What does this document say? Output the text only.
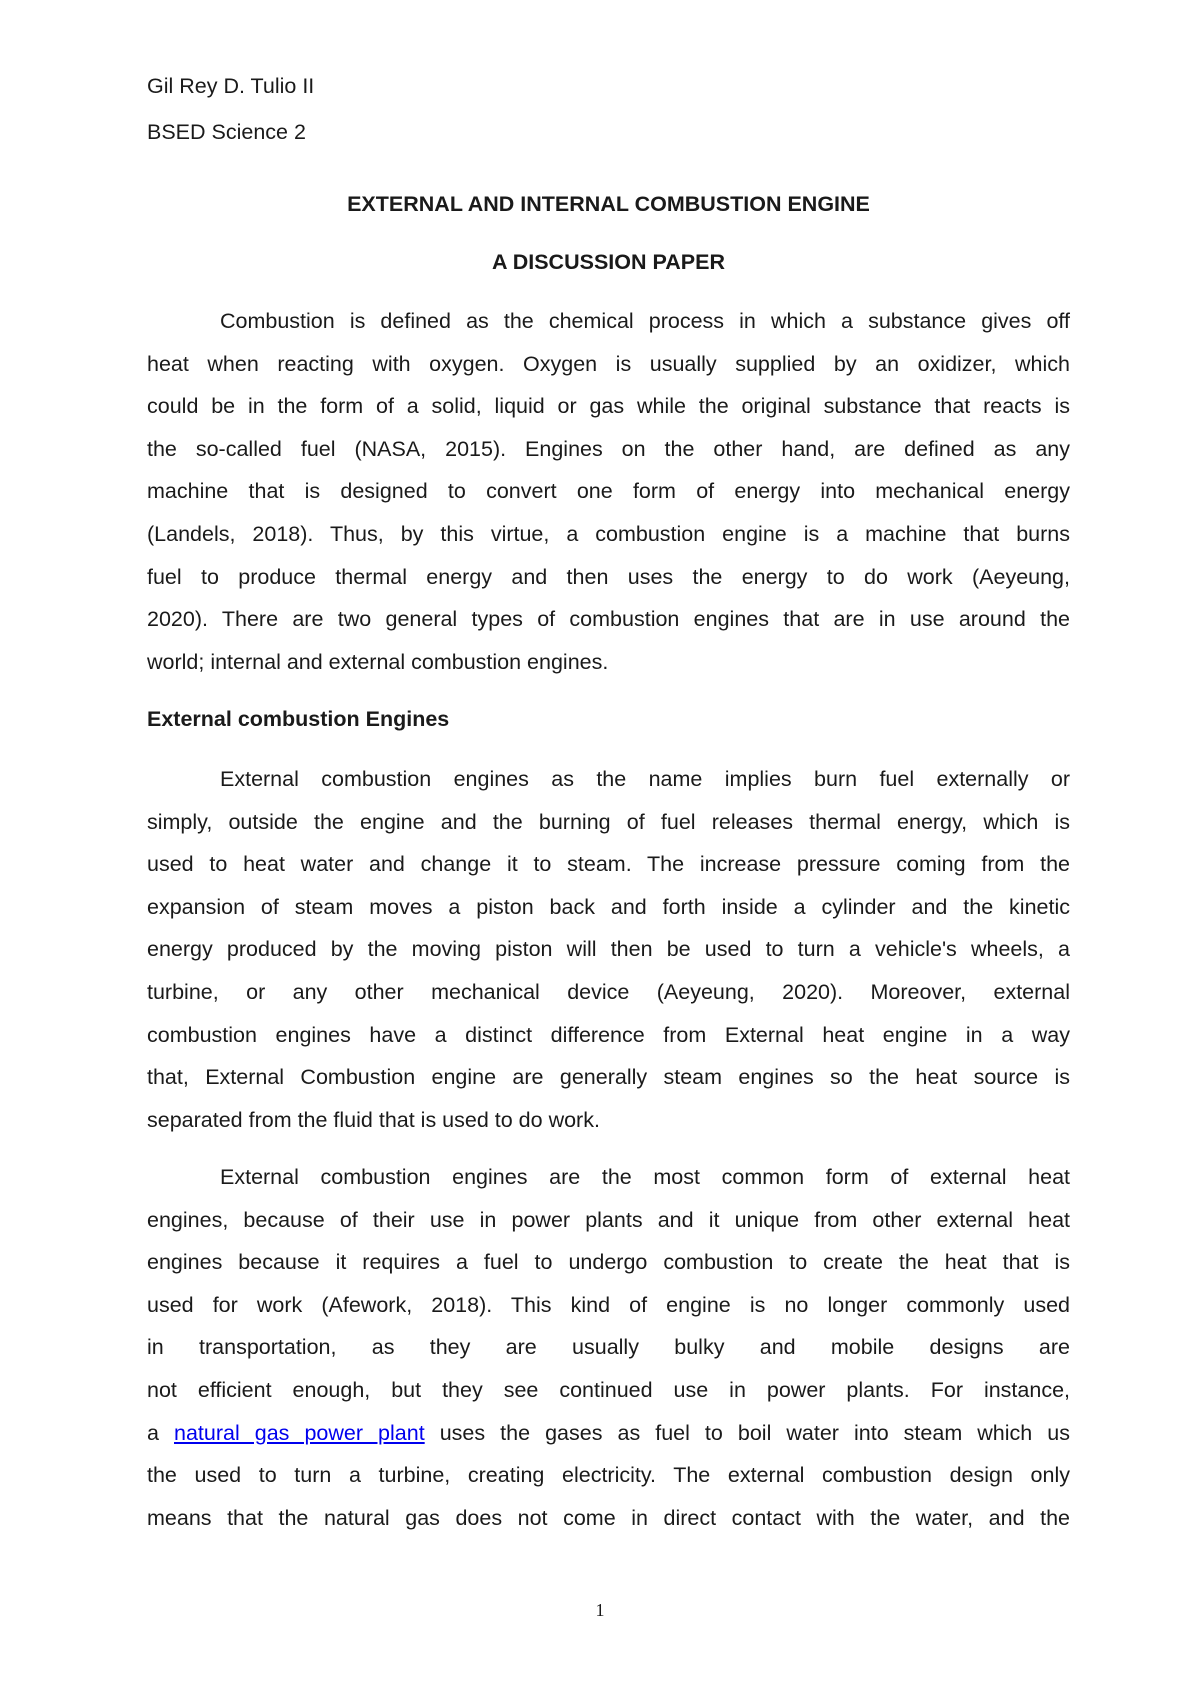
Gil Rey D. Tulio II
BSED Science 2
EXTERNAL AND INTERNAL COMBUSTION ENGINE
A DISCUSSION PAPER
Combustion is defined as the chemical process in which a substance gives off
heat when reacting with oxygen. Oxygen is usually supplied by an oxidizer, which
could be in the form of a solid, liquid or gas while the original substance that reacts is
the so-called fuel (NASA, 2015). Engines on the other hand, are defined as any
machine that is designed to convert one form of energy into mechanical energy
(Landels, 2018). Thus, by this virtue, a combustion engine is a machine that burns
fuel to produce thermal energy and then uses the energy to do work (Aeyeung,
2020). There are two general types of combustion engines that are in use around the
world; internal and external combustion engines.
External combustion Engines
External combustion engines as the name implies burn fuel externally or
simply, outside the engine and the burning of fuel releases thermal energy, which is
used to heat water and change it to steam. The increase pressure coming from the
expansion of steam moves a piston back and forth inside a cylinder and the kinetic
energy produced by the moving piston will then be used to turn a vehicle's wheels, a
turbine, or any other mechanical device (Aeyeung, 2020). Moreover, external
combustion engines have a distinct difference from External heat engine in a way
that, External Combustion engine are generally steam engines so the heat source is
separated from the fluid that is used to do work.
External combustion engines are the most common form of external heat
engines, because of their use in power plants and it unique from other external heat
engines because it requires a fuel to undergo combustion to create the heat that is
used for work (Afework, 2018). This kind of engine is no longer commonly used
in transportation, as they are usually bulky and mobile designs are
not efficient enough, but they see continued use in power plants. For instance,
a natural gas power plant uses the gases as fuel to boil water into steam which us
the used to turn a turbine, creating electricity. The external combustion design only
means that the natural gas does not come in direct contact with the water, and the
1
